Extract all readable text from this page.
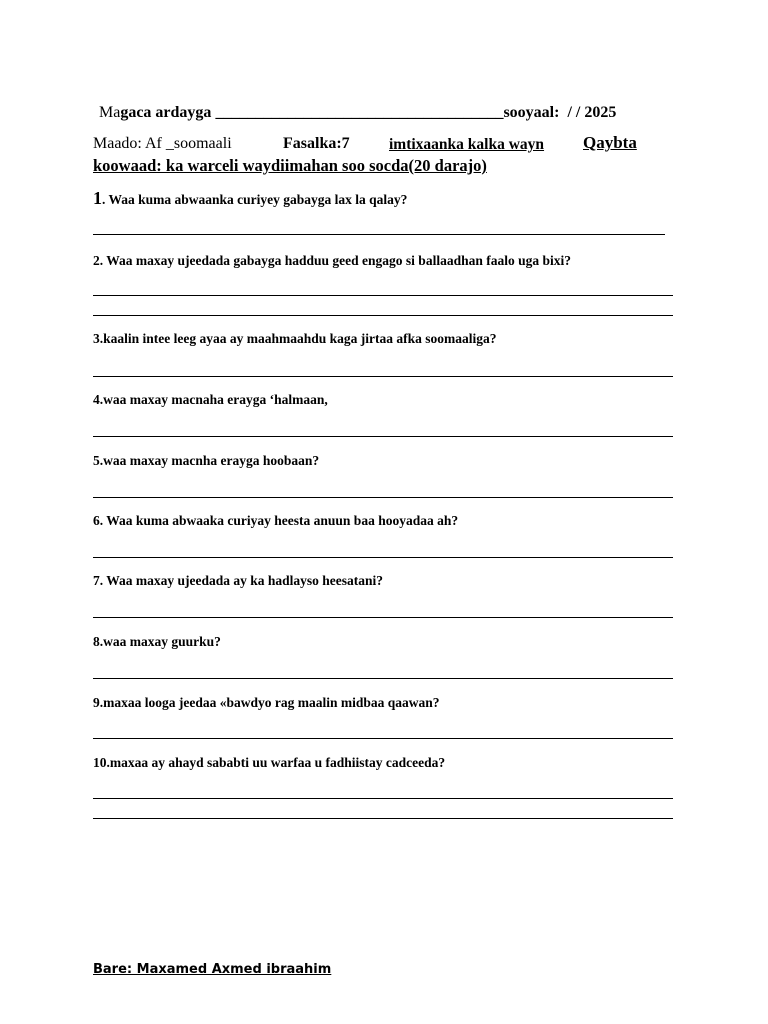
Magaca ardayga ____________________________________sooyaal: / / 2025
Maado: Af _soomaali	Fasalka:7	imtixaanka kalka wayn Qaybta
koowaad: ka warceli waydiimahan soo socda(20 darajo)
1. Waa kuma abwaanka curiyey gabayga lax la qalay?
2. Waa maxay ujeedada gabayga hadduu geed engago si ballaadhan faalo uga bixi?
3.kaalin intee leeg ayaa ay maahmaahdu kaga jirtaa afka soomaaliga?
4.waa maxay macnaha erayga ‘halmaan,
5.waa maxay macnha erayga hoobaan?
6. Waa kuma abwaaka curiyay heesta anuun baa hooyadaa ah?
7. Waa maxay ujeedada ay ka hadlayso heesatani?
8.waa maxay guurku?
9.maxaa looga jeedaa «bawdyo rag maalin midbaa qaawan?
10.maxaa ay ahayd sababti uu warfaa u fadhiistay cadceeda?
Bare: Maxamed Axmed ibraahim
